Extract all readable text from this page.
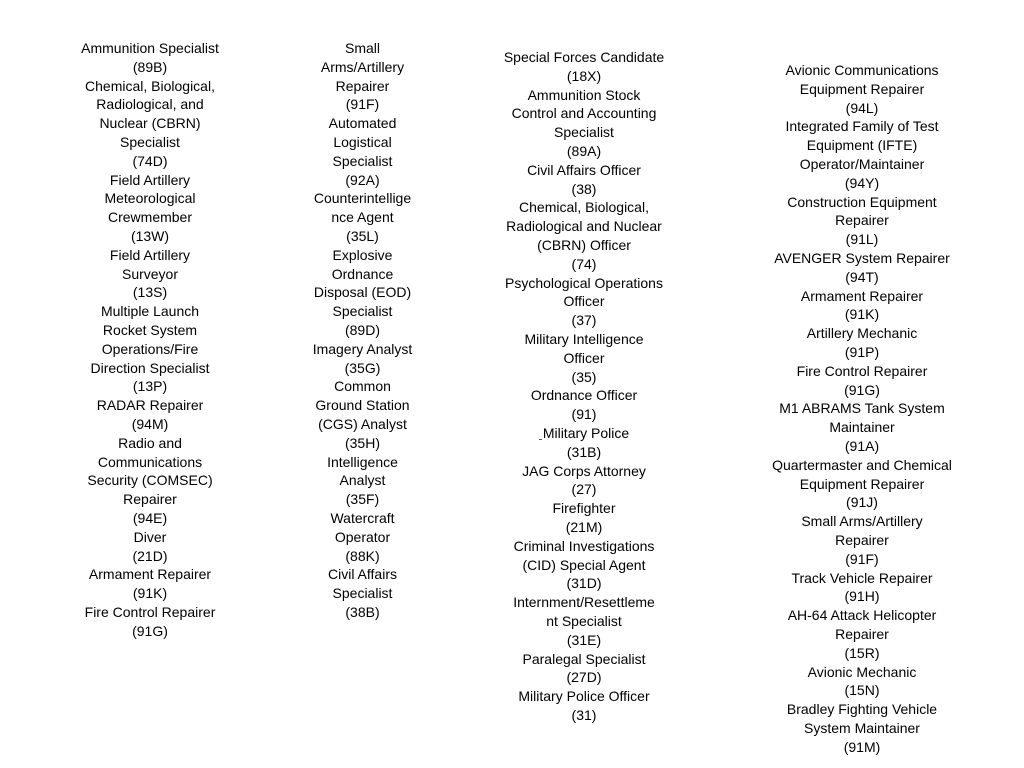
Ammunition Specialist

(89B)

Chemical, Biological,

Radiological, and

Nuclear (CBRN)

Specialist

(74D)

Field Artillery

Meteorological

Crewmember

(13W)

Field Artillery

Surveyor

(13S)

Multiple Launch

Rocket System

Operations/Fire

Direction Specialist

(13P)

RADAR Repairer

(94M)

Radio and

Communications

Security (COMSEC)

Repairer

(94E)

Diver

(21D)

Armament Repairer

(91K)

Fire Control Repairer

(91G)

Small

Arms/Artillery

Repairer

(91F)

Automated

Logistical

Specialist

(92A)

Counterintellige

nce Agent

(35L)

Explosive

Ordnance

Disposal (EOD)

Specialist

(89D)

Imagery Analyst

(35G)

Common

Ground Station

(CGS) Analyst

(35H)

Intelligence

Analyst

(35F)

Watercraft

Operator

(88K)

Civil Affairs

Specialist

(38B)

Special Forces Candidate

(18X)

Ammunition Stock

Control and Accounting

Specialist

(89A)

Civil Affairs Officer

(38)

Chemical, Biological,

Radiological and Nuclear

(CBRN) Officer

(74)

Psychological Operations

Officer

(37)

Military Intelligence

Officer

(35)

Ordnance Officer

(91)

Military Police

(31B)

JAG Corps Attorney

(27)

Firefighter

(21M)

Criminal Investigations

(CID) Special Agent

(31D)

Internment/Resettleme

nt Specialist

(31E)

Paralegal Specialist

(27D)

Military Police Officer

(31)

Avionic Communications

Equipment Repairer

(94L)

Integrated Family of Test

Equipment (IFTE)

Operator/Maintainer

(94Y)

Construction Equipment

Repairer

(91L)

AVENGER System Repairer

(94T)

Armament Repairer

(91K)

Artillery Mechanic

(91P)

Fire Control Repairer

(91G)

M1 ABRAMS Tank System

Maintainer

(91A)

Quartermaster and Chemical

Equipment Repairer

(91J)

Small Arms/Artillery

Repairer

(91F)

Track Vehicle Repairer

(91H)

AH-64 Attack Helicopter

Repairer

(15R)

Avionic Mechanic

(15N)

Bradley Fighting Vehicle

System Maintainer

(91M)
